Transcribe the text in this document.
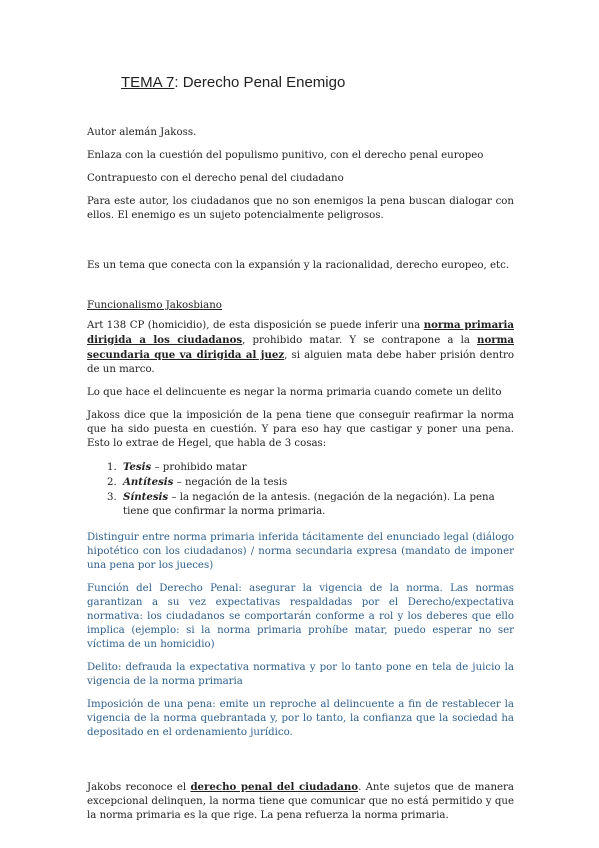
TEMA 7: Derecho Penal Enemigo

Autor alemán Jakoss.

Enlaza con la cuestión del populismo punitivo, con el derecho penal europeo

Contrapuesto con el derecho penal del ciudadano

Para este autor, los ciudadanos que no son enemigos la pena buscan dialogar con ellos. El enemigo es un sujeto potencialmente peligrosos.

Es un tema que conecta con la expansión y la racionalidad, derecho europeo, etc.

Funcionalismo Jakosbiano

Art 138 CP (homicidio), de esta disposición se puede inferir una norma primaria dirigida a los ciudadanos, prohibido matar. Y se contrapone a la norma secundaria que va dirigida al juez, si alguien mata debe haber prisión dentro de un marco.

Lo que hace el delincuente es negar la norma primaria cuando comete un delito

Jakoss dice que la imposición de la pena tiene que conseguir reafirmar la norma que ha sido puesta en cuestión. Y para eso hay que castigar y poner una pena. Esto lo extrae de Hegel, que habla de 3 cosas:

1. Tesis – prohibido matar
2. Antítesis – negación de la tesis
3. Síntesis – la negación de la antesis. (negación de la negación). La pena tiene que confirmar la norma primaria.

Distinguir entre norma primaria inferida tácitamente del enunciado legal (diálogo hipotético con los ciudadanos) / norma secundaria expresa (mandato de imponer una pena por los jueces)

Función del Derecho Penal: asegurar la vigencia de la norma. Las normas garantizan a su vez expectativas respaldadas por el Derecho/expectativa normativa: los ciudadanos se comportarán conforme a rol y los deberes que ello implica (ejemplo: si la norma primaria prohíbe matar, puedo esperar no ser víctima de un homicidio)

Delito: defrauda la expectativa normativa y por lo tanto pone en tela de juicio la vigencia de la norma primaria

Imposición de una pena: emite un reproche al delincuente a fin de restablecer la vigencia de la norma quebrantada y, por lo tanto, la confianza que la sociedad ha depositado en el ordenamiento jurídico.

Jakobs reconoce el derecho penal del ciudadano. Ante sujetos que de manera excepcional delinquen, la norma tiene que comunicar que no está permitido y que la norma primaria es la que rige. La pena refuerza la norma primaria.
